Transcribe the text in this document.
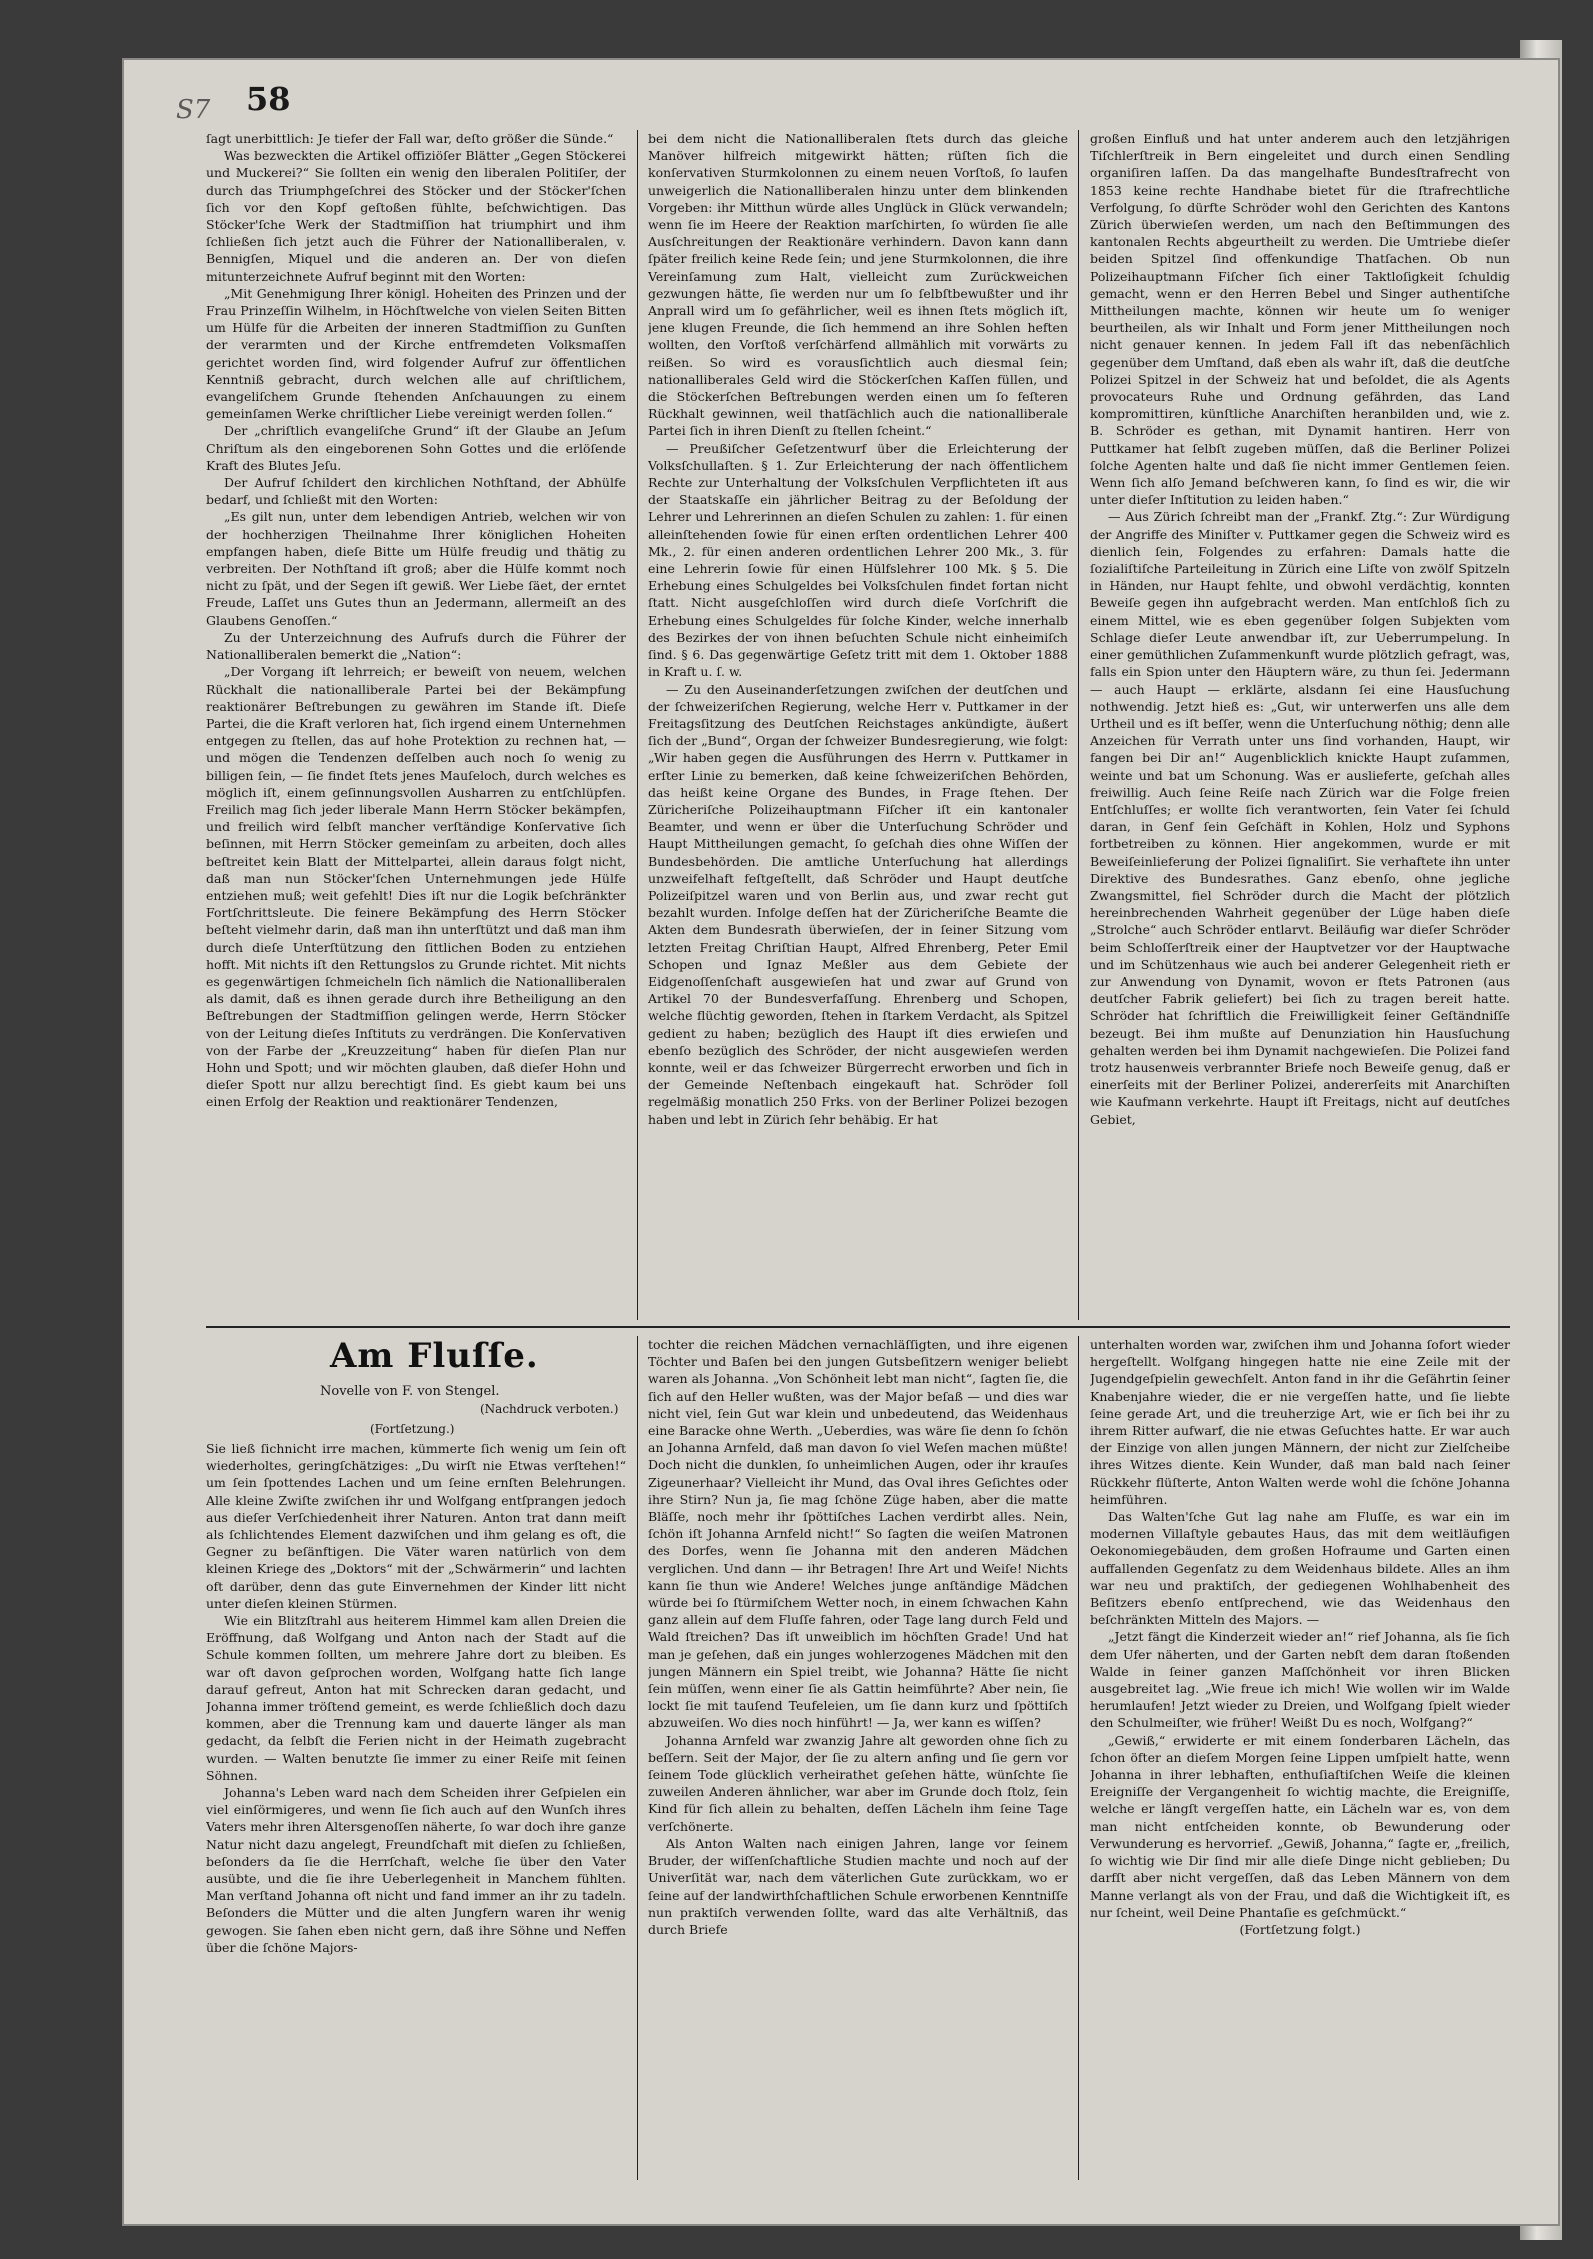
58
S7

ſagt unerbittlich: Je tiefer der Fall war, deſto größer die Sünde.“

Was bezweckten die Artikel offiziöſer Blätter „Gegen Stöckerei und Muckerei?“ Sie ſollten ein wenig den liberalen Politiſer, der durch das Triumphgeſchrei des Stöcker und der Stöcker'ſchen ſich vor den Kopf geſtoßen fühlte, beſchwichtigen. Das Stöcker'ſche Werk der Stadtmiſſion hat triumphirt und ihm ſchließen ſich jetzt auch die Führer der Nationalliberalen, v. Bennigſen, Miquel und die anderen an. Der von dieſen mitunterzeichnete Aufruf beginnt mit den Worten:

„Mit Genehmigung Ihrer königl. Hoheiten des Prinzen und der Frau Prinzeſſin Wilhelm, in Höchſtwelche von vielen Seiten Bitten um Hülfe für die Arbeiten der inneren Stadtmiſſion zu Gunſten der verarmten und der Kirche entfremdeten Volksmaſſen gerichtet worden ſind, wird folgender Aufruf zur öffentlichen Kenntniß gebracht, durch welchen alle auf chriſtlichem, evangeliſchem Grunde ſtehenden Anſchauungen zu einem gemeinſamen Werke chriſtlicher Liebe vereinigt werden ſollen.“

Der „chriſtlich evangeliſche Grund“ iſt der Glaube an Jeſum Chriſtum als den eingeborenen Sohn Gottes und die erlöſende Kraft des Blutes Jeſu.

Der Aufruf ſchildert den kirchlichen Nothſtand, der Abhülfe bedarf, und ſchließt mit den Worten:

„Es gilt nun, unter dem lebendigen Antrieb, welchen wir von der hochherzigen Theilnahme Ihrer königlichen Hoheiten empfangen haben, dieſe Bitte um Hülfe freudig und thätig zu verbreiten. Der Nothſtand iſt groß; aber die Hülfe kommt noch nicht zu ſpät, und der Segen iſt gewiß. Wer Liebe ſäet, der erntet Freude, Laſſet uns Gutes thun an Jedermann, allermeiſt an des Glaubens Genoſſen.“

Zu der Unterzeichnung des Aufrufs durch die Führer der Nationalliberalen bemerkt die „Nation“:

„Der Vorgang iſt lehrreich; er beweiſt von neuem, welchen Rückhalt die nationalliberale Partei bei der Bekämpfung reaktionärer Beſtrebungen zu gewähren im Stande iſt. Dieſe Partei, die die Kraft verloren hat, ſich irgend einem Unternehmen entgegen zu ſtellen, das auf hohe Protektion zu rechnen hat, — und mögen die Tendenzen deſſelben auch noch ſo wenig zu billigen ſein, — ſie findet ſtets jenes Mauſeloch, durch welches es möglich iſt, einem geſinnungsvollen Ausharren zu entſchlüpfen. Freilich mag ſich jeder liberale Mann Herrn Stöcker bekämpfen, und freilich wird ſelbſt mancher verſtändige Konſervative ſich beſinnen, mit Herrn Stöcker gemeinſam zu arbeiten, doch alles beſtreitet kein Blatt der Mittelpartei, allein daraus folgt nicht, daß man nun Stöcker'ſchen Unternehmungen jede Hülfe entziehen muß; weit gefehlt! Dies iſt nur die Logik beſchränkter Fortſchrittsleute. Die feinere Bekämpfung des Herrn Stöcker beſteht vielmehr darin, daß man ihn unterſtützt und daß man ihm durch dieſe Unterſtützung den ſittlichen Boden zu entziehen hofft. Mit nichts iſt den Rettungslos zu Grunde richtet. Mit nichts es gegenwärtigen ſchmeicheln ſich nämlich die Nationalliberalen als damit, daß es ihnen gerade durch ihre Betheiligung an den Beſtrebungen der Stadtmiſſion gelingen werde, Herrn Stöcker von der Leitung dieſes Inſtituts zu verdrängen. Die Konſervativen von der Farbe der „Kreuzzeitung“ haben für dieſen Plan nur Hohn und Spott; und wir möchten glauben, daß dieſer Hohn und dieſer Spott nur allzu berechtigt ſind. Es giebt kaum bei uns einen Erfolg der Reaktion und reaktionärer Tendenzen,

bei dem nicht die Nationalliberalen ſtets durch das gleiche Manöver hilfreich mitgewirkt hätten; rüſten ſich die konſervativen Sturmkolonnen zu einem neuen Vorſtoß, ſo laufen unweigerlich die Nationalliberalen hinzu unter dem blinkenden Vorgeben: ihr Mitthun würde alles Unglück in Glück verwandeln; wenn ſie im Heere der Reaktion marſchirten, ſo würden ſie alle Ausſchreitungen der Reaktionäre verhindern. Davon kann dann ſpäter freilich keine Rede ſein; und jene Sturmkolonnen, die ihre Vereinſamung zum Halt, vielleicht zum Zurückweichen gezwungen hätte, ſie werden nur um ſo ſelbſtbewußter und ihr Anprall wird um ſo gefährlicher, weil es ihnen ſtets möglich iſt, jene klugen Freunde, die ſich hemmend an ihre Sohlen heften wollten, den Vorſtoß verſchärfend allmählich mit vorwärts zu reißen. So wird es vorausſichtlich auch diesmal ſein; nationalliberales Geld wird die Stöckerſchen Kaſſen füllen, und die Stöckerſchen Beſtrebungen werden einen um ſo feſteren Rückhalt gewinnen, weil thatſächlich auch die nationalliberale Partei ſich in ihren Dienſt zu ſtellen ſcheint.“

— Preußiſcher Geſetzentwurf über die Erleichterung der Volksſchullaſten. § 1. Zur Erleichterung der nach öffentlichem Rechte zur Unterhaltung der Volksſchulen Verpflichteten iſt aus der Staatskaſſe ein jährlicher Beitrag zu der Beſoldung der Lehrer und Lehrerinnen an dieſen Schulen zu zahlen: 1. für einen alleinſtehenden ſowie für einen erſten ordentlichen Lehrer 400 Mk., 2. für einen anderen ordentlichen Lehrer 200 Mk., 3. für eine Lehrerin ſowie für einen Hülfslehrer 100 Mk. § 5. Die Erhebung eines Schulgeldes bei Volksſchulen findet fortan nicht ſtatt. Nicht ausgeſchloſſen wird durch dieſe Vorſchrift die Erhebung eines Schulgeldes für ſolche Kinder, welche innerhalb des Bezirkes der von ihnen beſuchten Schule nicht einheimiſch ſind. § 6. Das gegenwärtige Geſetz tritt mit dem 1. Oktober 1888 in Kraft u. ſ. w.

— Zu den Auseinanderſetzungen zwiſchen der deutſchen und der ſchweizeriſchen Regierung, welche Herr v. Puttkamer in der Freitagsſitzung des Deutſchen Reichstages ankündigte, äußert ſich der „Bund“, Organ der ſchweizer Bundesregierung, wie folgt: „Wir haben gegen die Ausführungen des Herrn v. Puttkamer in erſter Linie zu bemerken, daß keine ſchweizeriſchen Behörden, das heißt keine Organe des Bundes, in Frage ſtehen. Der Züricheriſche Polizeihauptmann Fiſcher iſt ein kantonaler Beamter, und wenn er über die Unterſuchung Schröder und Haupt Mittheilungen gemacht, ſo geſchah dies ohne Wiſſen der Bundesbehörden. Die amtliche Unterſuchung hat allerdings unzweifelhaft feſtgeſtellt, daß Schröder und Haupt deutſche Polizeiſpitzel waren und von Berlin aus, und zwar recht gut bezahlt wurden. Infolge deſſen hat der Züricheriſche Beamte die Akten dem Bundesrath überwieſen, der in ſeiner Sitzung vom letzten Freitag Chriſtian Haupt, Alfred Ehrenberg, Peter Emil Schopen und Ignaz Meßler aus dem Gebiete der Eidgenoſſenſchaft ausgewieſen hat und zwar auf Grund von Artikel 70 der Bundesverfaſſung. Ehrenberg und Schopen, welche flüchtig geworden, ſtehen in ſtarkem Verdacht, als Spitzel gedient zu haben; bezüglich des Haupt iſt dies erwieſen und ebenſo bezüglich des Schröder, der nicht ausgewieſen werden konnte, weil er das ſchweizer Bürgerrecht erworben und ſich in der Gemeinde Neſtenbach eingekauft hat. Schröder ſoll regelmäßig monatlich 250 Frks. von der Berliner Polizei bezogen haben und lebt in Zürich ſehr behäbig. Er hat

großen Einfluß und hat unter anderem auch den letzjährigen Tiſchlerſtreik in Bern eingeleitet und durch einen Sendling organiſiren laſſen. Da das mangelhafte Bundesſtrafrecht von 1853 keine rechte Handhabe bietet für die ſtrafrechtliche Verfolgung, ſo dürfte Schröder wohl den Gerichten des Kantons Zürich überwieſen werden, um nach den Beſtimmungen des kantonalen Rechts abgeurtheilt zu werden. Die Umtriebe dieſer beiden Spitzel ſind offenkundige Thatſachen. Ob nun Polizeihauptmann Fiſcher ſich einer Taktloſigkeit ſchuldig gemacht, wenn er den Herren Bebel und Singer authentiſche Mittheilungen machte, können wir heute um ſo weniger beurtheilen, als wir Inhalt und Form jener Mittheilungen noch nicht genauer kennen. In jedem Fall iſt das nebenſächlich gegenüber dem Umſtand, daß eben als wahr iſt, daß die deutſche Polizei Spitzel in der Schweiz hat und beſoldet, die als Agents provocateurs Ruhe und Ordnung gefährden, das Land kompromittiren, künſtliche Anarchiſten heranbilden und, wie z. B. Schröder es gethan, mit Dynamit hantiren. Herr von Puttkamer hat ſelbſt zugeben müſſen, daß die Berliner Polizei ſolche Agenten halte und daß ſie nicht immer Gentlemen ſeien. Wenn ſich alſo Jemand beſchweren kann, ſo ſind es wir, die wir unter dieſer Inſtitution zu leiden haben.“

— Aus Zürich ſchreibt man der „Frankf. Ztg.“: Zur Würdigung der Angriffe des Miniſter v. Puttkamer gegen die Schweiz wird es dienlich ſein, Folgendes zu erfahren: Damals hatte die ſozialiſtiſche Parteileitung in Zürich eine Liſte von zwölf Spitzeln in Händen, nur Haupt fehlte, und obwohl verdächtig, konnten Beweiſe gegen ihn aufgebracht werden. Man entſchloß ſich zu einem Mittel, wie es eben gegenüber ſolgen Subjekten vom Schlage dieſer Leute anwendbar iſt, zur Ueberrumpelung. In einer gemüthlichen Zuſammenkunft wurde plötzlich gefragt, was, falls ein Spion unter den Häuptern wäre, zu thun ſei. Jedermann — auch Haupt — erklärte, alsdann ſei eine Hausſuchung nothwendig. Jetzt hieß es: „Gut, wir unterwerfen uns alle dem Urtheil und es iſt beſſer, wenn die Unterſuchung nöthig; denn alle Anzeichen für Verrath unter uns ſind vorhanden, Haupt, wir fangen bei Dir an!“ Augenblicklich knickte Haupt zuſammen, weinte und bat um Schonung. Was er auslieferte, geſchah alles freiwillig. Auch ſeine Reiſe nach Zürich war die Folge freien Entſchluſſes; er wollte ſich verantworten, ſein Vater ſei ſchuld daran, in Genf ſein Geſchäft in Kohlen, Holz und Syphons fortbetreiben zu können. Hier angekommen, wurde er mit Beweiſeinlieferung der Polizei ſignaliſirt. Sie verhaftete ihn unter Direktive des Bundesrathes. Ganz ebenſo, ohne jegliche Zwangsmittel, fiel Schröder durch die Macht der plötzlich hereinbrechenden Wahrheit gegenüber der Lüge haben dieſe „Strolche“ auch Schröder entlarvt. Beiläufig war dieſer Schröder beim Schloſſerſtreik einer der Hauptvetzer vor der Hauptwache und im Schützenhaus wie auch bei anderer Gelegenheit rieth er zur Anwendung von Dynamit, wovon er ſtets Patronen (aus deutſcher Fabrik geliefert) bei ſich zu tragen bereit hatte. Schröder hat ſchriftlich die Freiwilligkeit ſeiner Geſtändniſſe bezeugt. Bei ihm mußte auf Denunziation hin Hausſuchung gehalten werden bei ihm Dynamit nachgewieſen. Die Polizei fand trotz hausenweis verbrannter Briefe noch Beweiſe genug, daß er einerſeits mit der Berliner Polizei, andererſeits mit Anarchiſten wie Kaufmann verkehrte. Haupt iſt Freitags, nicht auf deutſches Gebiet,

Am Fluſſe.
Novelle von F. von Stengel.
(Nachdruck verboten.)
(Fortſetzung.)

Sie ließ ſichnicht irre machen, kümmerte ſich wenig um ſein oft wiederholtes, geringſchätziges: „Du wirſt nie Etwas verſtehen!“ um ſein ſpottendes Lachen und um ſeine ernſten Belehrungen. Alle kleine Zwiſte zwiſchen ihr und Wolfgang entſprangen jedoch aus dieſer Verſchiedenheit ihrer Naturen. Anton trat dann meiſt als ſchlichtendes Element dazwiſchen und ihm gelang es oft, die Gegner zu beſänftigen. Die Väter waren natürlich von dem kleinen Kriege des „Doktors“ mit der „Schwärmerin“ und lachten oft darüber, denn das gute Einvernehmen der Kinder litt nicht unter dieſen kleinen Stürmen.

Wie ein Blitzſtrahl aus heiterem Himmel kam allen Dreien die Eröffnung, daß Wolfgang und Anton nach der Stadt auf die Schule kommen ſollten, um mehrere Jahre dort zu bleiben. Es war oft davon geſprochen worden, Wolfgang hatte ſich lange darauf gefreut, Anton hat mit Schrecken daran gedacht, und Johanna immer tröſtend gemeint, es werde ſchließlich doch dazu kommen, aber die Trennung kam und dauerte länger als man gedacht, da ſelbſt die Ferien nicht in der Heimath zugebracht wurden. — Walten benutzte ſie immer zu einer Reiſe mit ſeinen Söhnen.

Johanna's Leben ward nach dem Scheiden ihrer Geſpielen ein viel einſörmigeres, und wenn ſie ſich auch auf den Wunſch ihres Vaters mehr ihren Altersgenoſſen näherte, ſo war doch ihre ganze Natur nicht dazu angelegt, Freundſchaft mit dieſen zu ſchließen, beſonders da ſie die Herrſchaft, welche ſie über den Vater ausübte, und die ſie ihre Ueberlegenheit in Manchem fühlten. Man verſtand Johanna oft nicht und fand immer an ihr zu tadeln. Beſonders die Mütter und die alten Jungfern waren ihr wenig gewogen. Sie ſahen eben nicht gern, daß ihre Söhne und Neffen über die ſchöne Majors-

tochter die reichen Mädchen vernachläſſigten, und ihre eigenen Töchter und Baſen bei den jungen Gutsbeſitzern weniger beliebt waren als Johanna. „Von Schönheit lebt man nicht“, ſagten ſie, die ſich auf den Heller wußten, was der Major beſaß — und dies war nicht viel, ſein Gut war klein und unbedeutend, das Weidenhaus eine Baracke ohne Werth. „Ueberdies, was wäre ſie denn ſo ſchön an Johanna Arnfeld, daß man davon ſo viel Weſen machen müßte! Doch nicht die dunklen, ſo unheimlichen Augen, oder ihr krauſes Zigeunerhaar? Vielleicht ihr Mund, das Oval ihres Geſichtes oder ihre Stirn? Nun ja, ſie mag ſchöne Züge haben, aber die matte Bläſſe, noch mehr ihr ſpöttiſches Lachen verdirbt alles. Nein, ſchön iſt Johanna Arnfeld nicht!“ So ſagten die weiſen Matronen des Dorfes, wenn ſie Johanna mit den anderen Mädchen verglichen. Und dann — ihr Betragen! Ihre Art und Weiſe! Nichts kann ſie thun wie Andere! Welches junge anſtändige Mädchen würde bei ſo ſtürmiſchem Wetter noch, in einem ſchwachen Kahn ganz allein auf dem Fluſſe fahren, oder Tage lang durch Feld und Wald ſtreichen? Das iſt unweiblich im höchſten Grade! Und hat man je geſehen, daß ein junges wohlerzogenes Mädchen mit den jungen Männern ein Spiel treibt, wie Johanna? Hätte ſie nicht ſein müſſen, wenn einer ſie als Gattin heimführte? Aber nein, ſie lockt ſie mit tauſend Teufeleien, um ſie dann kurz und ſpöttiſch abzuweiſen. Wo dies noch hinführt! — Ja, wer kann es wiſſen?

Johanna Arnfeld war zwanzig Jahre alt geworden ohne ſich zu beſſern. Seit der Major, der ſie zu altern anfing und ſie gern vor ſeinem Tode glücklich verheirathet geſehen hätte, wünſchte ſie zuweilen Anderen ähnlicher, war aber im Grunde doch ſtolz, ſein Kind für ſich allein zu behalten, deſſen Lächeln ihm ſeine Tage verſchönerte.

Als Anton Walten nach einigen Jahren, lange vor ſeinem Bruder, der wiſſenſchaftliche Studien machte und noch auf der Univerſität war, nach dem väterlichen Gute zurückkam, wo er ſeine auf der landwirthſchaftlichen Schule erworbenen Kenntniſſe nun praktiſch verwenden ſollte, ward das alte Verhältniß, das durch Briefe

unterhalten worden war, zwiſchen ihm und Johanna ſofort wieder hergeſtellt. Wolfgang hingegen hatte nie eine Zeile mit der Jugendgeſpielin gewechſelt. Anton fand in ihr die Geſährtin ſeiner Knabenjahre wieder, die er nie vergeſſen hatte, und ſie liebte ſeine gerade Art, und die treuherzige Art, wie er ſich bei ihr zu ihrem Ritter aufwarf, die nie etwas Geſuchtes hatte. Er war auch der Einzige von allen jungen Männern, der nicht zur Zielſcheibe ihres Witzes diente. Kein Wunder, daß man bald nach ſeiner Rückkehr flüſterte, Anton Walten werde wohl die ſchöne Johanna heimführen.

Das Walten'ſche Gut lag nahe am Fluſſe, es war ein im modernen Villaſtyle gebautes Haus, das mit dem weitläufigen Oekonomiegebäuden, dem großen Hofraume und Garten einen auffallenden Gegenſatz zu dem Weidenhaus bildete. Alles an ihm war neu und praktiſch, der gediegenen Wohlhabenheit des Beſitzers ebenſo entſprechend, wie das Weidenhaus den beſchränkten Mitteln des Majors. —

„Jetzt fängt die Kinderzeit wieder an!“ rief Johanna, als ſie ſich dem Ufer näherten, und der Garten nebſt dem daran ſtoßenden Walde in ſeiner ganzen Maſſchönheit vor ihren Blicken ausgebreitet lag. „Wie freue ich mich! Wie wollen wir im Walde herumlaufen! Jetzt wieder zu Dreien, und Wolfgang ſpielt wieder den Schulmeiſter, wie früher! Weißt Du es noch, Wolfgang?“

„Gewiß,“ erwiderte er mit einem ſonderbaren Lächeln, das ſchon öfter an dieſem Morgen ſeine Lippen umſpielt hatte, wenn Johanna in ihrer lebhaften, enthuſiaſtiſchen Weiſe die kleinen Ereigniſſe der Vergangenheit ſo wichtig machte, die Ereigniſſe, welche er längſt vergeſſen hatte, ein Lächeln war es, von dem man nicht entſcheiden konnte, ob Bewunderung oder Verwunderung es hervorrief. „Gewiß, Johanna,“ ſagte er, „freilich, ſo wichtig wie Dir ſind mir alle dieſe Dinge nicht geblieben; Du darfſt aber nicht vergeſſen, daß das Leben Männern von dem Manne verlangt als von der Frau, und daß die Wichtigkeit iſt, es nur ſcheint, weil Deine Phantaſie es geſchmückt.“

(Fortſetzung folgt.)
